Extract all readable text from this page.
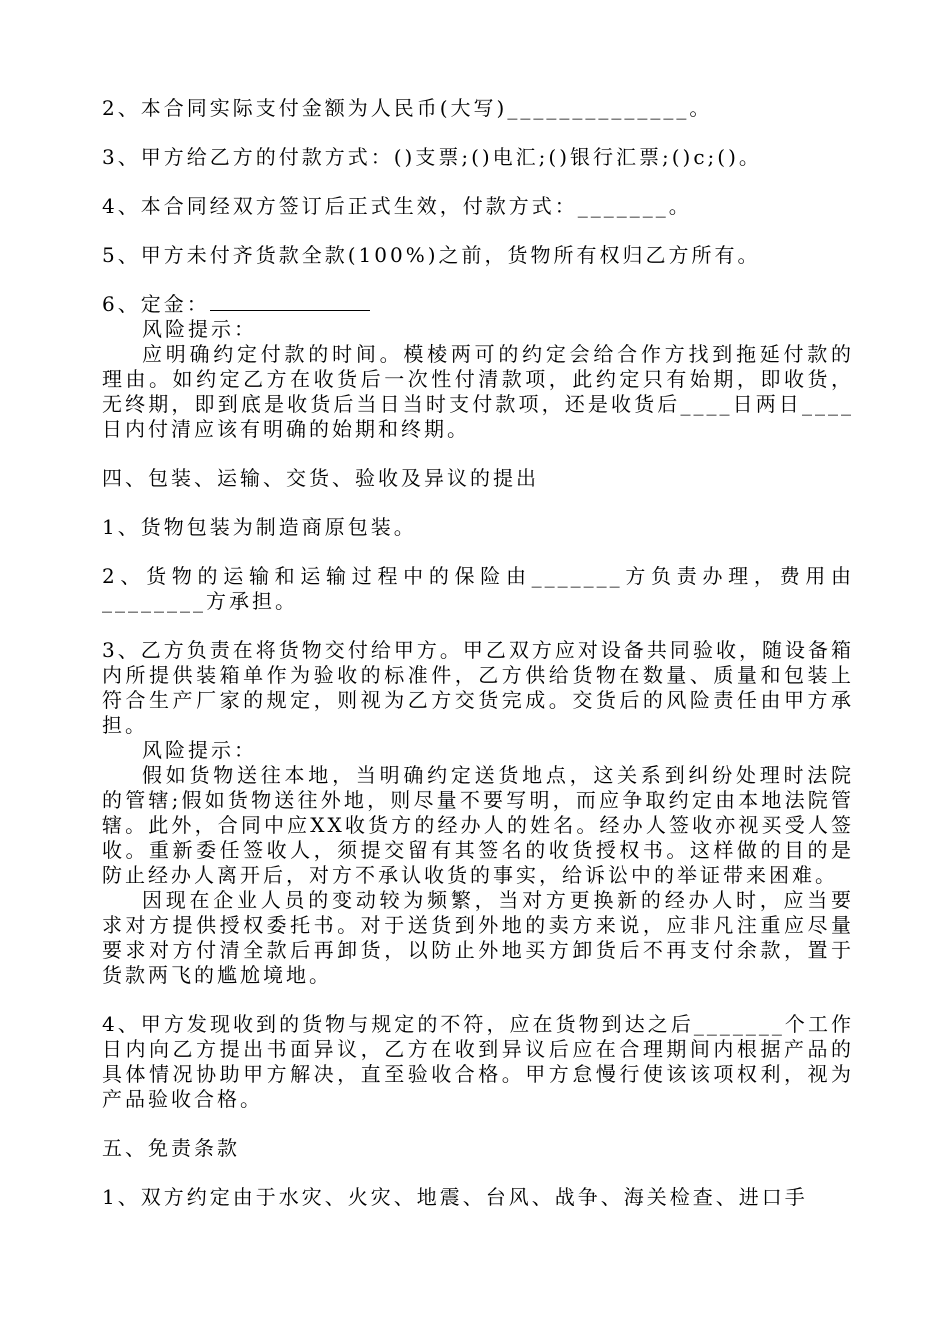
2、本合同实际支付金额为人民币(大写)______________。

3、甲方给乙方的付款方式：()支票;()电汇;()银行汇票;()c;()。

4、本合同经双方签订后正式生效，付款方式：_______。

5、甲方未付齐货款全款(100%)之前，货物所有权归乙方所有。

6、定金：

风险提示：

应明确约定付款的时间。模棱两可的约定会给合作方找到拖延付款的理由。如约定乙方在收货后一次性付清款项，此约定只有始期，即收货，无终期，即到底是收货后当日当时支付款项，还是收货后____日两日____日内付清应该有明确的始期和终期。

四、包装、运输、交货、验收及异议的提出

1、货物包装为制造商原包装。

2、货物的运输和运输过程中的保险由_______方负责办理，费用由________方承担。

3、乙方负责在将货物交付给甲方。甲乙双方应对设备共同验收，随设备箱内所提供装箱单作为验收的标准件，乙方供给货物在数量、质量和包装上符合生产厂家的规定，则视为乙方交货完成。交货后的风险责任由甲方承担。

风险提示：

假如货物送往本地，当明确约定送货地点，这关系到纠纷处理时法院的管辖;假如货物送往外地，则尽量不要写明，而应争取约定由本地法院管辖。此外，合同中应XX收货方的经办人的姓名。经办人签收亦视买受人签收。重新委任签收人，须提交留有其签名的收货授权书。这样做的目的是防止经办人离开后，对方不承认收货的事实，给诉讼中的举证带来困难。

因现在企业人员的变动较为频繁，当对方更换新的经办人时，应当要求对方提供授权委托书。对于送货到外地的卖方来说，应非凡注重应尽量要求对方付清全款后再卸货，以防止外地买方卸货后不再支付余款，置于货款两飞的尴尬境地。

4、甲方发现收到的货物与规定的不符，应在货物到达之后_______个工作日内向乙方提出书面异议，乙方在收到异议后应在合理期间内根据产品的具体情况协助甲方解决，直至验收合格。甲方怠慢行使该该项权利，视为产品验收合格。

五、免责条款

1、双方约定由于水灾、火灾、地震、台风、战争、海关检查、进口手
